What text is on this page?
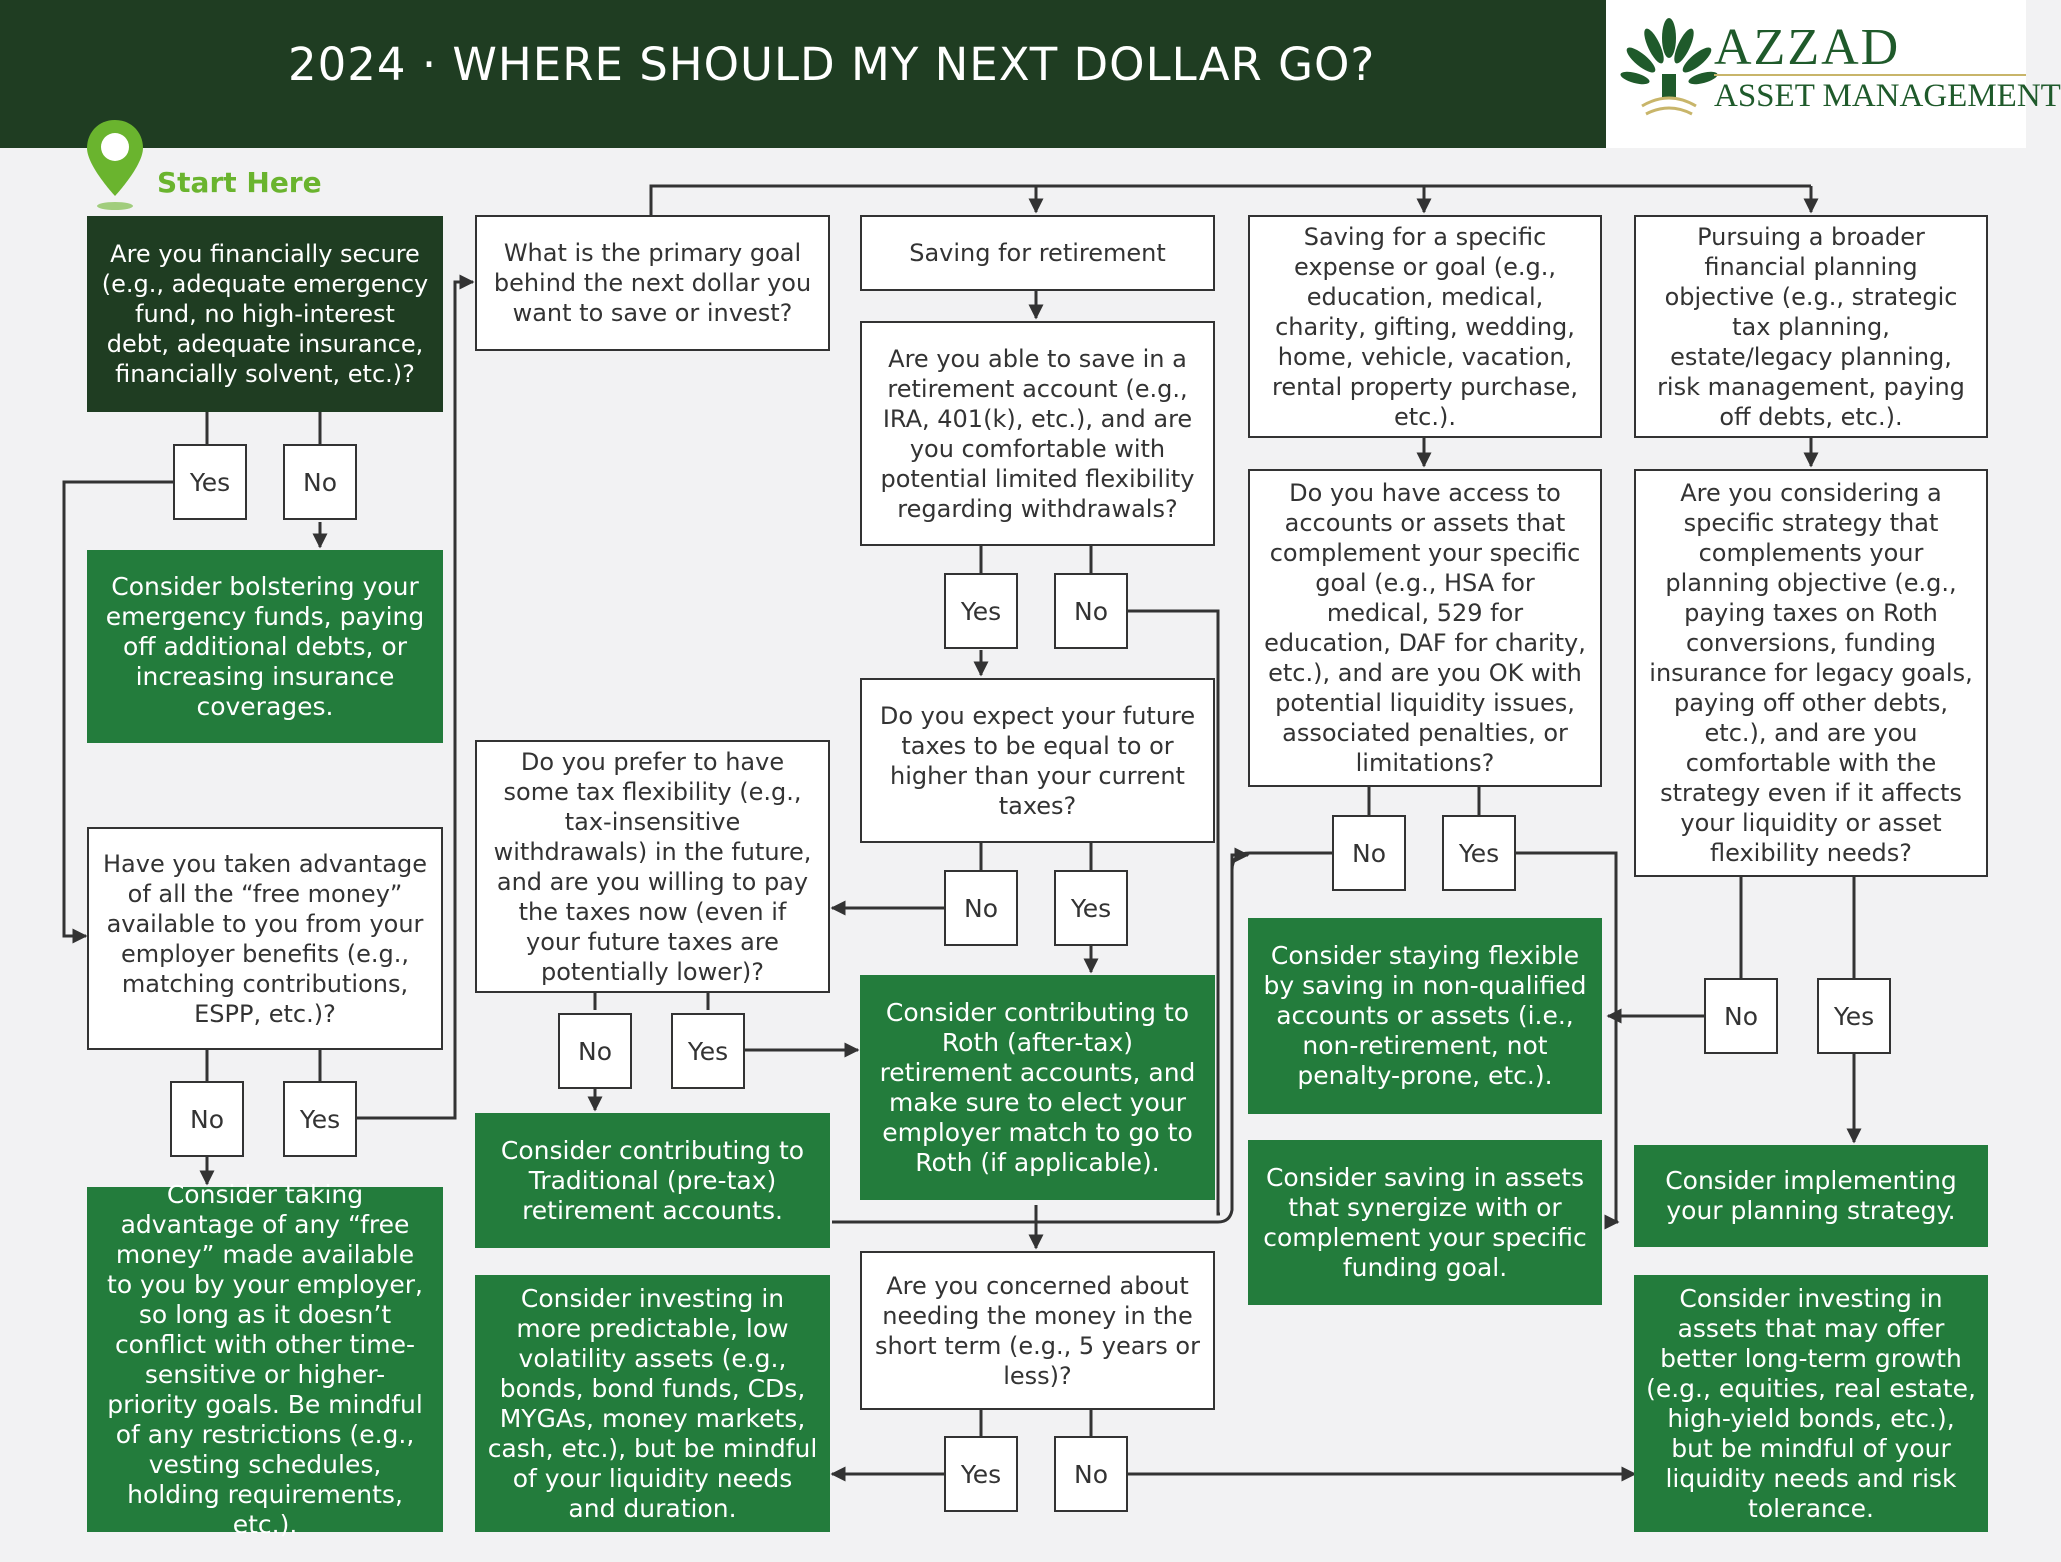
2024 · WHERE SHOULD MY NEXT DOLLAR GO?	AZZAD
ASSET MANAGEMENT
Start Here
Are you financially secure (e.g., adequate emergency fund, no high-interest debt, adequate insurance, financially solvent, etc.)?
Yes	No
Consider bolstering your emergency funds, paying off additional debts, or increasing insurance coverages.
Have you taken advantage of all the “free money” available to you from your employer benefits (e.g., matching contributions, ESPP, etc.)?
No	Yes
Consider taking advantage of any “free money” made available to you by your employer, so long as it doesn’t conflict with other time-sensitive or higher-priority goals. Be mindful of any restrictions (e.g., vesting schedules, holding requirements, etc.).
What is the primary goal behind the next dollar you want to save or invest?
Do you prefer to have some tax flexibility (e.g., tax-insensitive withdrawals) in the future, and are you willing to pay the taxes now (even if your future taxes are potentially lower)?
No	Yes
Consider contributing to Traditional (pre-tax) retirement accounts.
Consider investing in more predictable, low volatility assets (e.g., bonds, bond funds, CDs, MYGAs, money markets, cash, etc.), but be mindful of your liquidity needs and duration.
Saving for retirement
Are you able to save in a retirement account (e.g., IRA, 401(k), etc.), and are you comfortable with potential limited flexibility regarding withdrawals?
Yes	No
Do you expect your future taxes to be equal to or higher than your current taxes?
No	Yes
Consider contributing to Roth (after-tax) retirement accounts, and make sure to elect your employer match to go to Roth (if applicable).
Are you concerned about needing the money in the short term (e.g., 5 years or less)?
Yes	No
Saving for a specific expense or goal (e.g., education, medical, charity, gifting, wedding, home, vehicle, vacation, rental property purchase, etc.).
Do you have access to accounts or assets that complement your specific goal (e.g., HSA for medical, 529 for education, DAF for charity, etc.), and are you OK with potential liquidity issues, associated penalties, or limitations?
No	Yes
Consider staying flexible by saving in non-qualified accounts or assets (i.e., non-retirement, not penalty-prone, etc.).
Consider saving in assets that synergize with or complement your specific funding goal.
Pursuing a broader financial planning objective (e.g., strategic tax planning, estate/legacy planning, risk management, paying off debts, etc.).
Are you considering a specific strategy that complements your planning objective (e.g., paying taxes on Roth conversions, funding insurance for legacy goals, paying off other debts, etc.), and are you comfortable with the strategy even if it affects your liquidity or asset flexibility needs?
No	Yes
Consider implementing your planning strategy.
Consider investing in assets that may offer better long-term growth (e.g., equities, real estate, high-yield bonds, etc.), but be mindful of your liquidity needs and risk tolerance.
